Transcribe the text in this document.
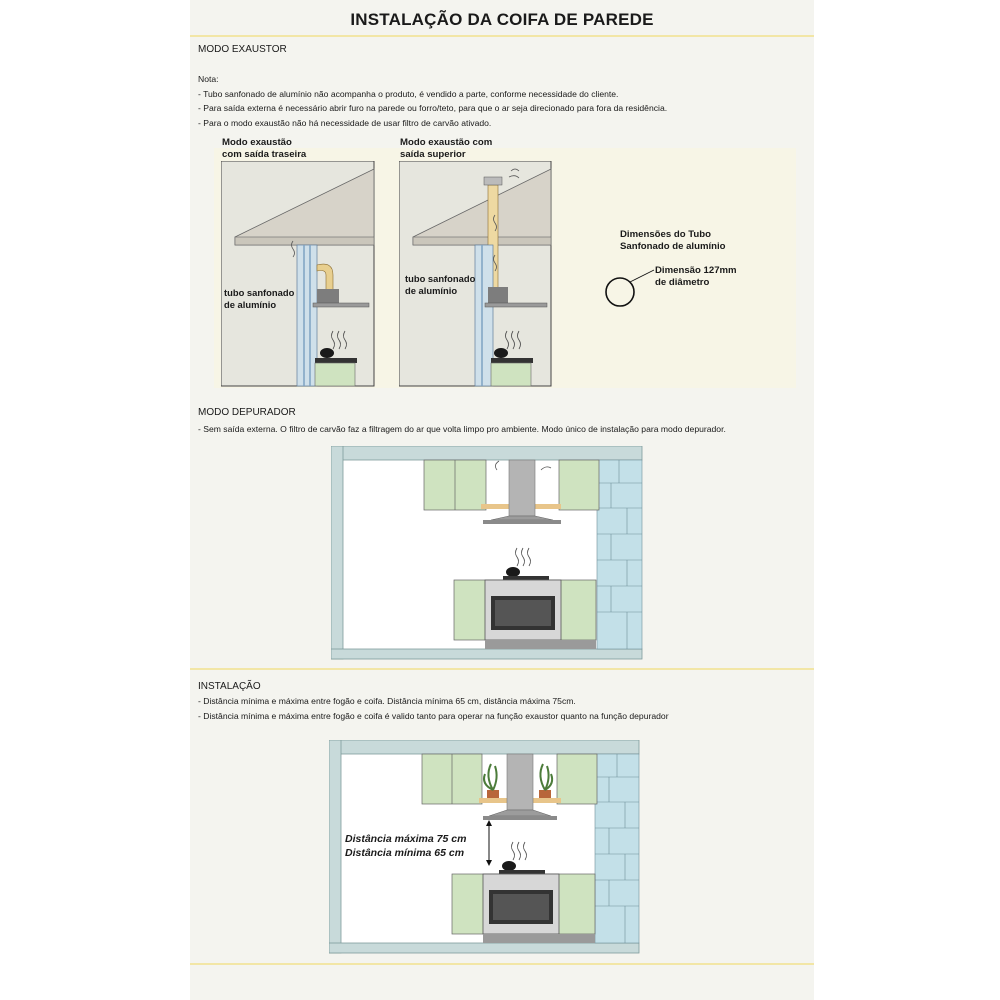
INSTALAÇÃO DA COIFA DE PAREDE
MODO EXAUSTOR

Nota:

- Tubo sanfonado de alumínio não acompanha o produto, é vendido a parte, conforme necessidade do cliente.

- Para saída externa é necessário abrir furo na parede ou forro/teto, para que o ar seja direcionado para fora da residência.

- Para o modo exaustão não há necessidade de usar filtro de carvão ativado.

Modo exaustão
com saída traseira
tubo sanfonado
de alumínio
Modo exaustão com
saída superior
tubo sanfonado
de alumínio
Dimensões do Tubo
Sanfonado de alumínio
Dimensão 127mm
de diâmetro
MODO DEPURADOR

- Sem saída externa. O filtro de carvão faz a filtragem do ar que volta limpo pro ambiente. Modo único de instalação para modo depurador.

INSTALAÇÃO

- Distância mínima e máxima entre fogão e coifa. Distância mínima 65 cm, distância máxima 75cm.

- Distância mínima e máxima entre fogão e coifa é valido tanto para operar na função exaustor quanto na função depurador

Distância máxima 75 cm
Distância mínima 65 cm
